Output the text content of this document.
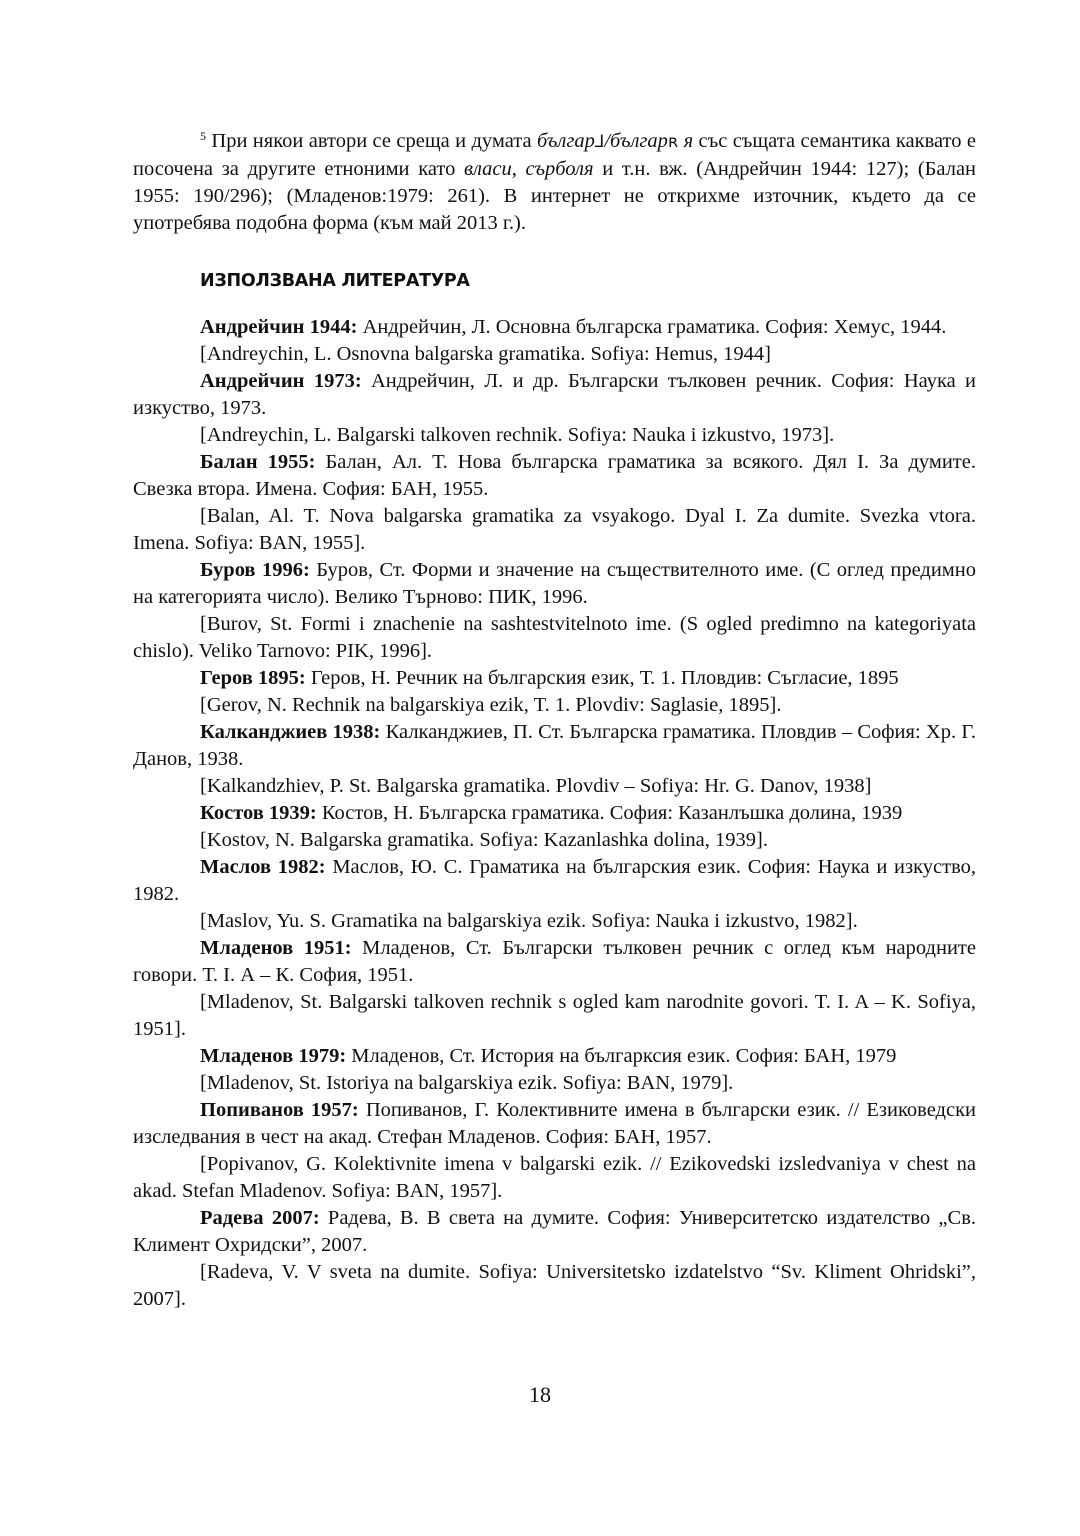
$^5$ При някои автори се среща и думата българ⅃/българʀ я със същата семантика каквато е посочена за другите етноними като власи, сърболя и т.н. вж. (Андрейчин 1944: 127); (Балан 1955: 190/296); (Младенов:1979: 261). В интернет не открихме източник, където да се употребява подобна форма (към май 2013 г.).

ИЗПОЛЗВАНА ЛИТЕРАТУРА

Андрейчин 1944: Андрейчин, Л. Основна българска граматика. София: Хемус, 1944.

[Andreychin, L. Osnovna balgarska gramatika. Sofiya: Hemus, 1944]

Андрейчин 1973: Андрейчин, Л. и др. Български тълковен речник. София: Наука и изкуство, 1973.

[Andreychin, L. Balgarski talkoven rechnik. Sofiya: Nauka i izkustvo, 1973].

Балан 1955: Балан, Ал. Т. Нова българска граматика за всякого. Дял I. За думите. Свезка втора. Имена. София: БАН, 1955.

[Balan, Al. T. Nova balgarska gramatika za vsyakogo. Dyal I. Za dumite. Svezka vtora. Imena. Sofiya: BAN, 1955].

Буров 1996: Буров, Ст. Форми и значение на съществителното име. (С оглед предимно на категорията число). Велико Търново: ПИК, 1996.

[Burov, St. Formi i znachenie na sashtestvitelnoto ime. (S ogled predimno na kategoriyata chislo). Veliko Tarnovo: PIK, 1996].

Геров 1895: Геров, Н. Речник на българския език, Т. 1. Пловдив: Съгласие, 1895

[Gerov, N. Rechnik na balgarskiya ezik, T. 1. Plovdiv: Saglasie, 1895].

Калканджиев 1938: Калканджиев, П. Ст. Българска граматика. Пловдив – София: Хр. Г. Данов, 1938.

[Kalkandzhiev, P. St. Balgarska gramatika. Plovdiv – Sofiya: Hr. G. Danov, 1938]

Костов 1939: Костов, Н. Българска граматика. София: Казанлъшка долина, 1939

[Kostov, N. Balgarska gramatika. Sofiya: Kazanlashka dolina, 1939].

Маслов 1982: Маслов, Ю. С. Граматика на българския език. София: Наука и изкуство, 1982.

[Maslov, Yu. S. Gramatika na balgarskiya ezik. Sofiya: Nauka i izkustvo, 1982].

Младенов 1951: Младенов, Ст. Български тълковен речник с оглед към народните говори. Т. I. А – К. София, 1951.

[Mladenov, St. Balgarski talkoven rechnik s ogled kam narodnite govori. T. I. A – K. Sofiya, 1951].

Младенов 1979: Младенов, Ст. История на българксия език. София: БАН, 1979

[Mladenov, St. Istoriya na balgarskiya ezik. Sofiya: BAN, 1979].

Попиванов 1957: Попиванов, Г. Колективните имена в български език. // Езиковедски изследвания в чест на акад. Стефан Младенов. София: БАН, 1957.

[Popivanov, G. Kolektivnite imena v balgarski ezik. // Ezikovedski izsledvaniya v chest na akad. Stefan Mladenov. Sofiya: BAN, 1957].

Радева 2007: Радева, В. В света на думите. София: Университетско издателство „Св. Климент Охридски”, 2007.

[Radeva, V. V sveta na dumite. Sofiya: Universitetsko izdatelstvo “Sv. Kliment Ohridski”, 2007].

18
